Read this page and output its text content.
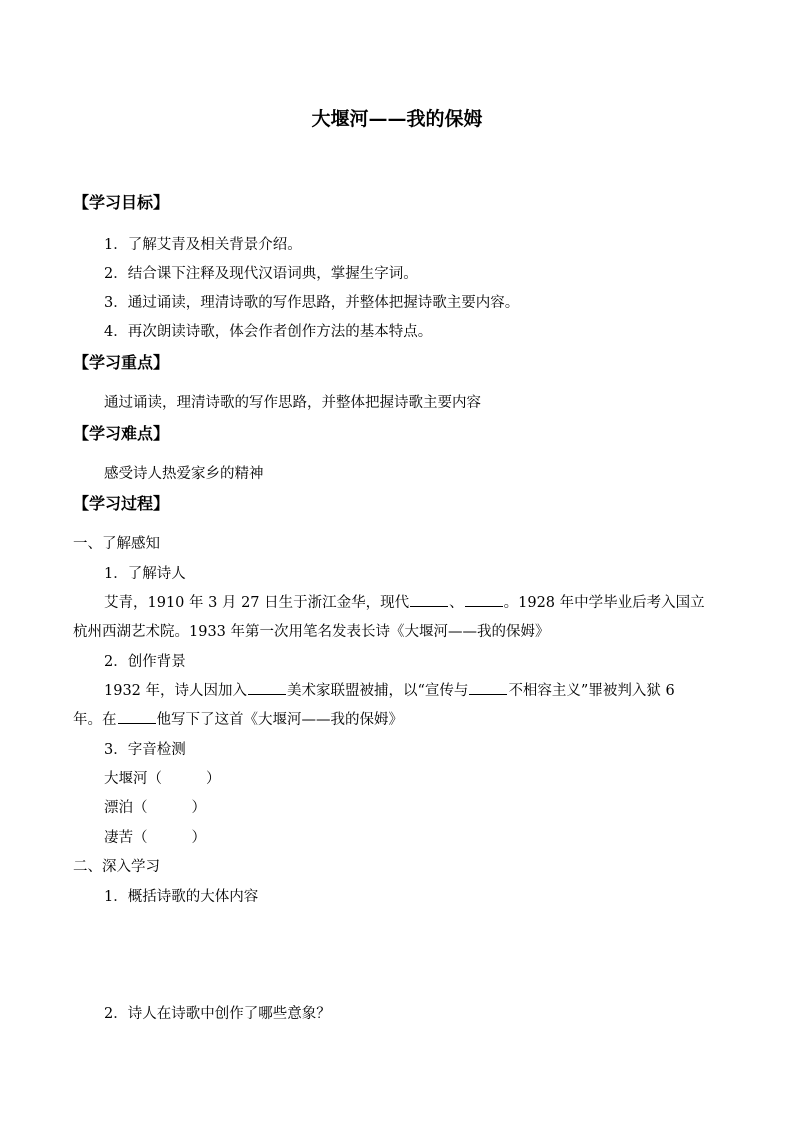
大堰河——我的保姆
【学习目标】
1．了解艾青及相关背景介绍。
2．结合课下注释及现代汉语词典，掌握生字词。
3．通过诵读，理清诗歌的写作思路，并整体把握诗歌主要内容。
4．再次朗读诗歌，体会作者创作方法的基本特点。
【学习重点】
通过诵读，理清诗歌的写作思路，并整体把握诗歌主要内容
【学习难点】
感受诗人热爱家乡的精神
【学习过程】
一、了解感知
1．了解诗人
艾青，1910 年 3 月 27 日生于浙江金华，现代	、	。1928 年中学毕业后考入国立
杭州西湖艺术院。1933 年第一次用笔名发表长诗《大堰河——我的保姆》
2．创作背景
1932 年，诗人因加入	美术家联盟被捕，以“宣传与	不相容主义”罪被判入狱 6
年。在	他写下了这首《大堰河——我的保姆》
3．字音检测
大堰河（	）
漂泊（	）
凄苦（	）
二、深入学习
1．概括诗歌的大体内容
2．诗人在诗歌中创作了哪些意象？
